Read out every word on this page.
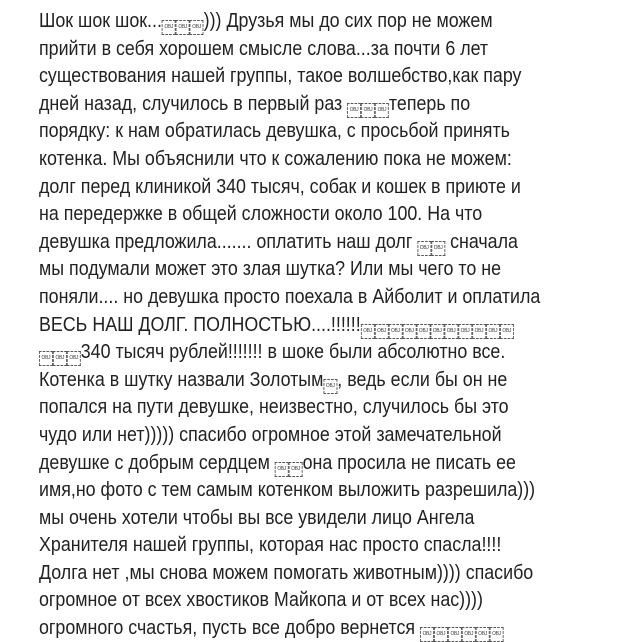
Шок шок шок... OBJ OBJ OBJ ))) Друзья мы до сих пор не можем
прийти в себя хорошем смысле слова...за почти 6 лет
существования нашей группы, такое волшебство,как пару
дней назад, случилось в первый раз OBJ OBJ OBJ теперь по
порядку: к нам обратилась девушка, с просьбой принять
котенка. Мы объяснили что к сожалению пока не можем:
долг перед клиникой 340 тысяч, собак и кошек в приюте и
на передержке в общей сложности около 100. На что
девушка предложила....... оплатить наш долг OBJ OBJ сначала
мы подумали может это злая шутка? Или мы чего то не
поняли.... но девушка просто поехала в Айболит и оплатила
ВЕСЬ НАШ ДОЛГ. ПОЛНОСТЬЮ....!!!!!! OBJ OBJ OBJ OBJ OBJ OBJ OBJ OBJ OBJ OBJ OBJ
OBJ OBJ OBJ 340 тысяч рублей!!!!!!! в шоке были абсолютно все.
Котенка в шутку назвали Золотым OBJ , ведь если бы он не
попался на пути девушке, неизвестно, случилось бы это
чудо или нет))))) спасибо огромное этой замечательной
девушке с добрым сердцем OBJ OBJ она просила не писать ее
имя,но фото с тем самым котенком выложить разрешила)))
мы очень хотели чтобы вы все увидели лицо Ангела
Хранителя нашей группы, которая нас просто спасла!!!!
Долга нет ,мы снова можем помогать животным)))) спасибо
огромное от всех хвостиков Майкопа и от всех нас))))
огромного счастья, пусть все добро вернется OBJ OBJ OBJ OBJ OBJ OBJ
